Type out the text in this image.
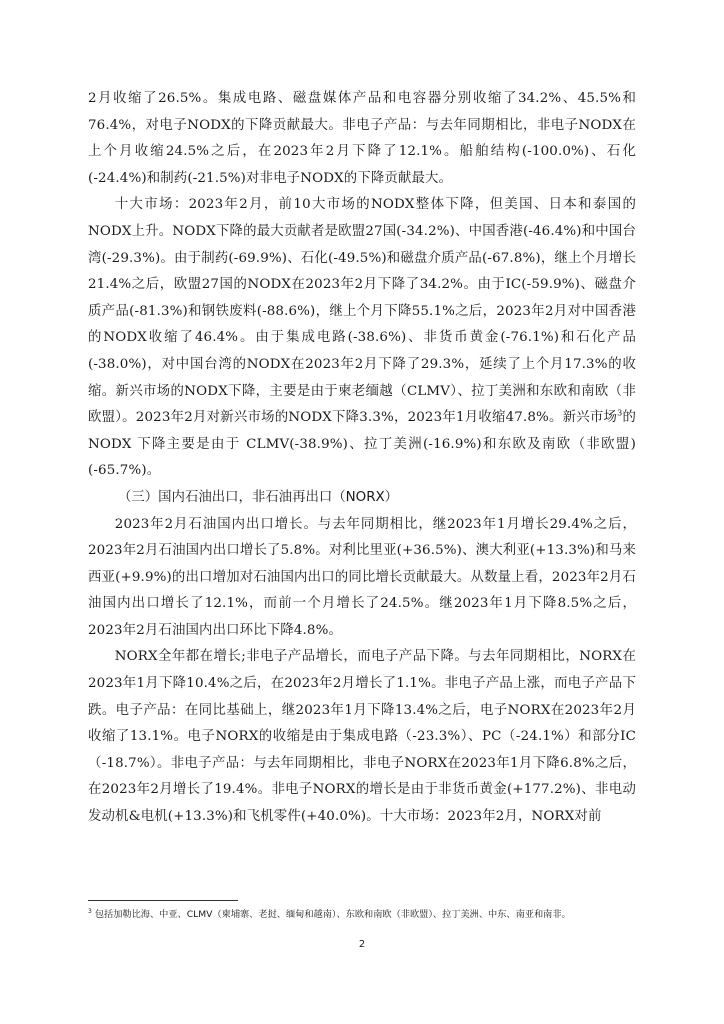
2月收缩了26.5%。集成电路、磁盘媒体产品和电容器分别收缩了34.2%、45.5%和76.4%，对电子NODX的下降贡献最大。非电子产品：与去年同期相比，非电子NODX在上个月收缩24.5%之后，在2023年2月下降了12.1%。船舶结构(-100.0%)、石化(-24.4%)和制药(-21.5%)对非电子NODX的下降贡献最大。

十大市场：2023年2月，前10大市场的NODX整体下降，但美国、日本和泰国的NODX上升。NODX下降的最大贡献者是欧盟27国(-34.2%)、中国香港(-46.4%)和中国台湾(-29.3%)。由于制药(-69.9%)、石化(-49.5%)和磁盘介质产品(-67.8%)，继上个月增长21.4%之后，欧盟27国的NODX在2023年2月下降了34.2%。由于IC(-59.9%)、磁盘介质产品(-81.3%)和钢铁废料(-88.6%)，继上个月下降55.1%之后，2023年2月对中国香港的NODX收缩了46.4%。由于集成电路(-38.6%)、非货币黄金(-76.1%)和石化产品(-38.0%)，对中国台湾的NODX在2023年2月下降了29.3%，延续了上个月17.3%的收缩。新兴市场的NODX下降，主要是由于柬老缅越（CLMV）、拉丁美洲和东欧和南欧（非欧盟）。2023年2月对新兴市场的NODX下降3.3%，2023年1月收缩47.8%。新兴市场$^3$的 NODX 下降主要是由于 CLMV(-38.9%)、拉丁美洲(-16.9%)和东欧及南欧（非欧盟)(-65.7%)。

（三）国内石油出口，非石油再出口（NORX）

2023年2月石油国内出口增长。与去年同期相比，继2023年1月增长29.4%之后，2023年2月石油国内出口增长了5.8%。对利比里亚(+36.5%)、澳大利亚(+13.3%)和马来西亚(+9.9%)的出口增加对石油国内出口的同比增长贡献最大。从数量上看，2023年2月石油国内出口增长了12.1%，而前一个月增长了24.5%。继2023年1月下降8.5%之后，2023年2月石油国内出口环比下降4.8%。

NORX全年都在增长;非电子产品增长，而电子产品下降。与去年同期相比，NORX在2023年1月下降10.4%之后，在2023年2月增长了1.1%。非电子产品上涨，而电子产品下跌。电子产品：在同比基础上，继2023年1月下降13.4%之后，电子NORX在2023年2月收缩了13.1%。电子NORX的收缩是由于集成电路（-23.3%）、PC（-24.1%）和部分IC（-18.7%）。非电子产品：与去年同期相比，非电子NORX在2023年1月下降6.8%之后，在2023年2月增长了19.4%。非电子NORX的增长是由于非货币黄金(+177.2%)、非电动发动机&电机(+13.3%)和飞机零件(+40.0%)。十大市场：2023年2月，NORX对前

$^3$ 包括加勒比海、中亚、CLMV（柬埔寨、老挝、缅甸和越南）、东欧和南欧（非欧盟）、拉丁美洲、中东、南亚和南非。

2
